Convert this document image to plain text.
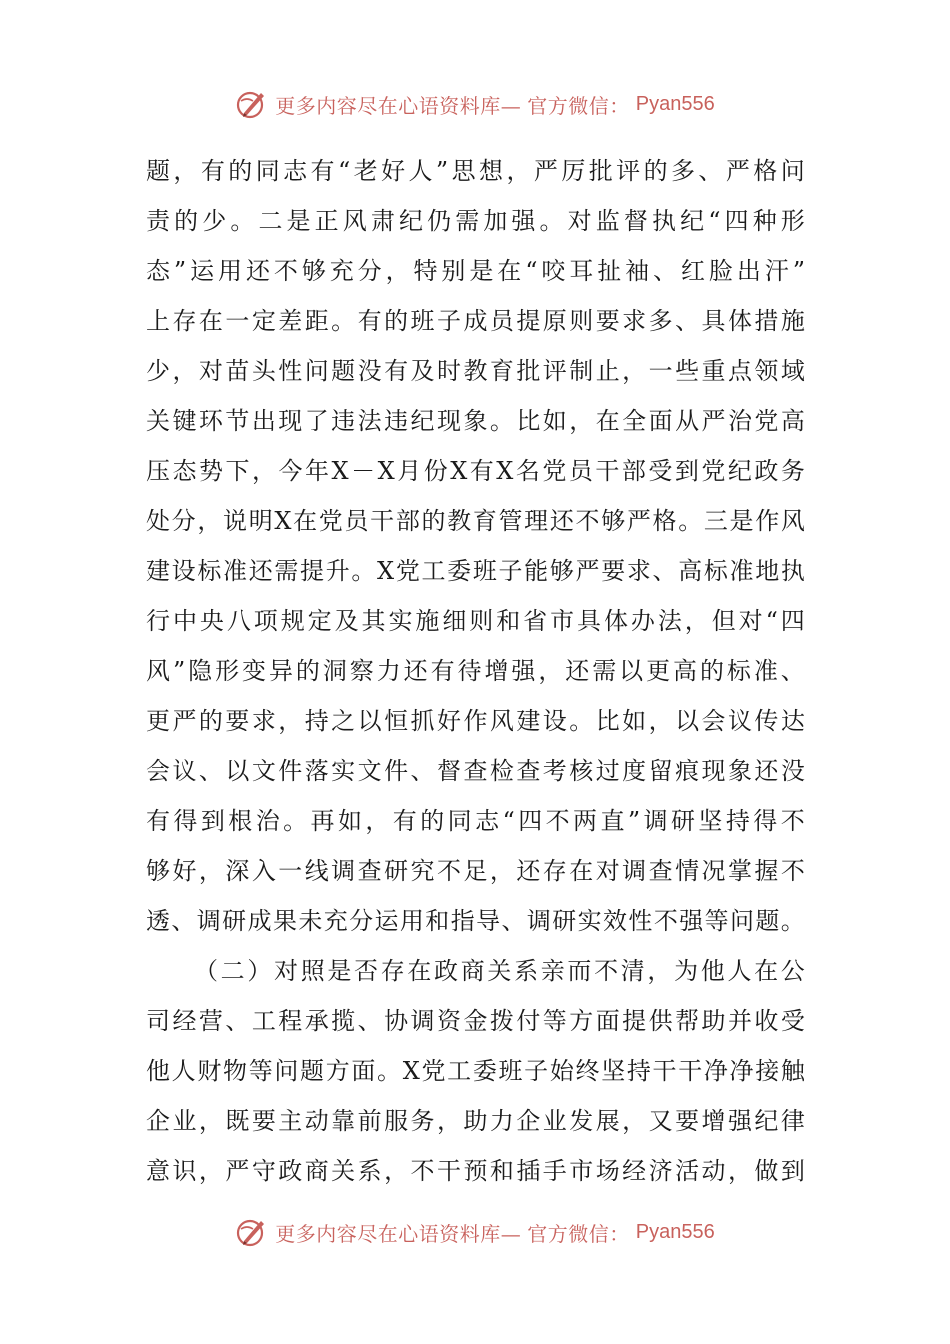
更多内容尽在心语资料库— 官方微信： Pyan556
题 ， 有 的 同 志 有 “ 老 好 人 ” 思 想 ， 严 厉 批 评 的 多 、 严 格 问
责 的 少 。 二 是 正 风 肃 纪 仍 需 加 强 。 对 监 督 执 纪 “ 四 种 形
态 ” 运 用 还 不 够 充 分 ， 特 别 是 在 “ 咬 耳 扯 袖 、 红 脸 出 汗 ”
上 存 在 一 定 差 距 。 有 的 班 子 成 员 提 原 则 要 求 多 、 具 体 措 施
少 ， 对 苗 头 性 问 题 没 有 及 时 教 育 批 评 制 止 ， 一 些 重 点 领 域
关 键 环 节 出 现 了 违 法 违 纪 现 象 。 比 如 ， 在 全 面 从 严 治 党 高
压 态 势 下 ， 今 年 X － X 月 份 X 有 X 名 党 员 干 部 受 到 党 纪 政 务
处 分 ， 说 明 X 在 党 员 干 部 的 教 育 管 理 还 不 够 严 格 。 三 是 作 风
建 设 标 准 还 需 提 升 。 X 党 工 委 班 子 能 够 严 要 求 、 高 标 准 地 执
行 中 央 八 项 规 定 及 其 实 施 细 则 和 省 市 具 体 办 法 ， 但 对 “ 四
风 ” 隐 形 变 异 的 洞 察 力 还 有 待 增 强 ， 还 需 以 更 高 的 标 准 、
更 严 的 要 求 ， 持 之 以 恒 抓 好 作 风 建 设 。 比 如 ， 以 会 议 传 达
会 议 、 以 文 件 落 实 文 件 、 督 查 检 查 考 核 过 度 留 痕 现 象 还 没
有 得 到 根 治 。 再 如 ， 有 的 同 志 “ 四 不 两 直 ” 调 研 坚 持 得 不
够 好 ， 深 入 一 线 调 查 研 究 不 足 ， 还 存 在 对 调 查 情 况 掌 握 不
透 、 调 研 成 果 未 充 分 运 用 和 指 导 、 调 研 实 效 性 不 强 等 问 题 。
（ 二 ） 对 照 是 否 存 在 政 商 关 系 亲 而 不 清 ， 为 他 人 在 公
司 经 营 、 工 程 承 揽 、 协 调 资 金 拨 付 等 方 面 提 供 帮 助 并 收 受
他 人 财 物 等 问 题 方 面 。 X 党 工 委 班 子 始 终 坚 持 干 干 净 净 接 触
企 业 ， 既 要 主 动 靠 前 服 务 ， 助 力 企 业 发 展 ， 又 要 增 强 纪 律
意 识 ， 严 守 政 商 关 系 ， 不 干 预 和 插 手 市 场 经 济 活 动 ， 做 到
更多内容尽在心语资料库— 官方微信： Pyan556
